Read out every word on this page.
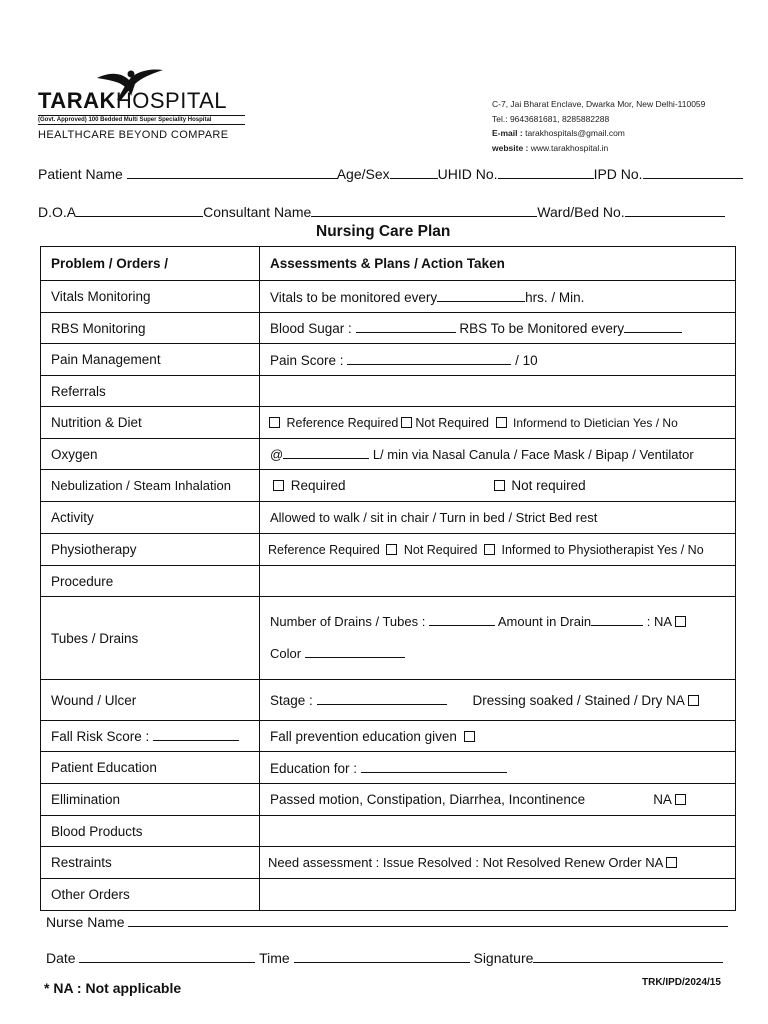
TARAKHOSPITAL
(Govt. Approved) 100 Bedded Multi Super Speciality Hospital
HEALTHCARE BEYOND COMPARE
C-7, Jai Bharat Enclave, Dwarka Mor, New Delhi-110059
Tel.: 9643681681, 8285882288
E-mail : tarakhospitals@gmail.com
website : www.tarakhospital.in
Patient Name	Age/Sex	UHID No.	IPD No.
D.O.A	Consultant Name	Ward/Bed No.
Nursing Care Plan
Problem / Orders /	Assessments & Plans / Action Taken
Vitals Monitoring	Vitals to be monitored every hrs. / Min.
RBS Monitoring	Blood Sugar : RBS To be Monitored every
Pain Management	Pain Score : / 10
Referrals	
Nutrition & Diet	Reference Required Not Required Informend to Dietician Yes / No
Oxygen	@ L/ min via Nasal Canula / Face Mask / Bipap / Ventilator
Nebulization / Steam Inhalation	Required Not required
Activity	Allowed to walk / sit in chair / Turn in bed / Strict Bed rest
Physiotherapy	Reference Required Not Required Informed to Physiotherapist Yes / No
Procedure	
Tubes / Drains	Number of Drains / Tubes : Amount in Drain : NA
Color

Wound / Ulcer	Stage : Dressing soaked / Stained / Dry NA
Fall Risk Score :	Fall prevention education given
Patient Education	Education for :
Ellimination	Passed motion, Constipation, Diarrhea, Incontinence NA
Blood Products	
Restraints	Need assessment : Issue Resolved : Not Resolved Renew Order NA
Other Orders	
Nurse Name
Date	Time	Signature
* NA : Not applicable	TRK/IPD/2024/15
